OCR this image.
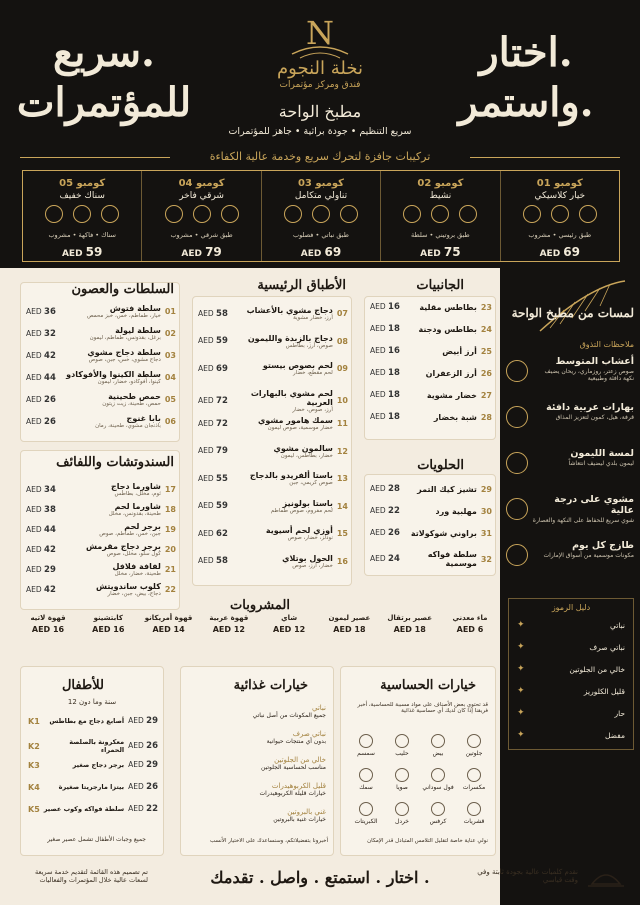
سريع.
للمؤتمرات
اختار.
واستمر.
N
نخلة النجوم
فندق ومركز مؤتمرات
مطبخ الواحة
سريع التنظيم • جودة براثية • جاهز للمؤتمرات
تركيبات جافزة لتحرك سريع وخدمة عالية الكفاءة
كومبو 01
خيار كلاسيكي
طبق رئيسي • مشروب
AED 69
كومبو 02
نشيط
طبق بروتيني • سلطة
AED 75
كومبو 03
تناولي متكامل
طبق نباتي • فصلوب
AED 69
كومبو 04
شرقي فاخر
طبق شرقي • مشروب
AED 79
كومبو 05
سناك خفيف
سناك • فاكهة • مشروب
AED 59
السلطات والعصون
AED 36	سلطة فتوش
خيار، طماطم، خس، خبز محمص 01
AED 32	سلطة ليولة
برغل، بقدونس، طماطم، ليمون 02
AED 42	سلطة دجاج مشوي
دجاج مشوي، خس، جبن، صوص 03
AED 44	سلطة الكينوا والأفوكادو
كينوا، أفوكادو، خضار، ليمون 04
AED 26	حمص طحينية
حمص، طحينة، زيت زيتون 05
AED 26	بابا غنوج
باذنجان مشوي، طحينة، رمان 06
السندوتشات واللفائف
AED 34	شاورما دجاج
ثوم، مخلل، بطاطس 17
AED 38	شاورما لحم
طحينة، بقدونس، مخلل 18
AED 44	برجر لحم
جبن، خس، طماطم، صوص 19
AED 42	برجر دجاج مقرمش
كول سلو، مخلل، صوص 20
AED 29	لفافة فلافل
طحينة، خضار، مخلل 21
AED 42	كلوب ساندويتش
دجاج، بيض، جبن، خضار 22
الأطباق الرئيسية
AED 58	دجاج مشوي بالأعشاب
أرز، خضار مشوية 07
AED 59	دجاج بالزبدة والليمون
صوص، أرز، بطاطس 08
AED 69	لحم بصوص بيستو
لحم مقطع، خضار 09
AED 72
لحم مشوي بالبهارات العربية
أرز، صوص، خضار
10
AED 72	سمك هامور مشوي
خضار موسمية، صوص ليمون 11
AED 79	سالمون مشوي
خضار، بطاطس، ليمون 12
AED 55	باستا ألفريدو بالدجاج
صوص كريمي، جبن 13
AED 59	باستا بولونيز
لحم مفروم، صوص طماطم 14
AED 62	أوزي لحم أسيوية
نودلز، خضار، صوص 15
AED 58	الحول بوتلاي
خضار، أرز، صوص 16
الجانبيات
AED 16	بطاطس مقلية 23
AED 18	بطاطس ودجنة 24
AED 16	أرز أبيض 25
AED 18	أرز الزعفران 26
AED 18	خضار مشوية 27
AED 18	شبة بخضار 28
الحلويات
AED 28	تشيز كيك التمر 29
AED 22	مهلبية ورد 30
AED 26	براوني شوكولاتة 31
AED 24	سلطة فواكه موسمية 32
المشروبات
ماء معدني
AED 6
عصير برتقال
AED 18
عصير ليمون
AED 18
شاي
AED 12
قهوة عربية
AED 12
قهوة أمريكانو
AED 14
كابتشينو
AED 16
قهوة لاتيه
AED 16
للأطفال
12 سنة وما دون
K1	أصابع دجاج مع بطاطس AED 29
K2	معكرونة بالصلصة الحمراء AED 26
K3	برجر دجاج صغير AED 29
K4	بيتزا مارجريتا صغيرة AED 26
K5 سلطة فواكه وكوب عصير AED 22
جميع وجبات الأطفال تشمل عصير صغير
خيارات غذائية
نباتي
جميع المكونات من أصل نباتي
نباتي صرف
بدون أي منتجات حيوانية
خالي من الجلوتين
مناسب لحساسية الجلوتين
قليل الكربوهيدرات
خيارات قليلة الكربوهيدرات
غني بالبروتين
خيارات غنية بالبروتين
أخبرونا بتفضيلاتكم، وسنساعدك على الاختيار الأنسب
خيارات الحساسية
قد تحتوي بعض الأصناف على مواد مسببة للحساسية، أخبر فريقنا إذا كان لديك أي حساسية غذائية
جلوتين
بيض
حليب
سمسم
مكسرات
فول سوداني
صويا
سمك
قشريات
كرفس
خردل
الكبريتات
نولي عناية خاصة لتقليل التلامس المتبادل قدر الإمكان
لمسات من مطبخ الواحة
ملاحظات التذوق
أعشاب المتوسط
صوص زعتر، روزماري، ريحان يضيف نكهة دافئة وطبيعية
بهارات عربية دافئة
قرفة، هيل، كمون لتعزيز المذاق
لمسة الليمون
ليمون بلدي ليضيف انتعاشاً
مشوي على درجة عالية
شوي سريع للحفاظ على النكهة والعصارة
طازج كل يوم
مكونات موسمية من أسواق الإمارات
دليل الرموز
✦	نباتي
✦	نباتي صرف
✦	خالي من الجلوتين
✦	قليل الكلوريز
✦	حار
✦	مفضل
تم تصميم هذه القائمة لتقديم خدمة سريعة لسعات عالية خلال المؤتمرات والفعاليات	اختار . استمتع . واصل . تقدمك .	نقدم كلميات عالية بجودة ثابتة وفي وقت قياسي
